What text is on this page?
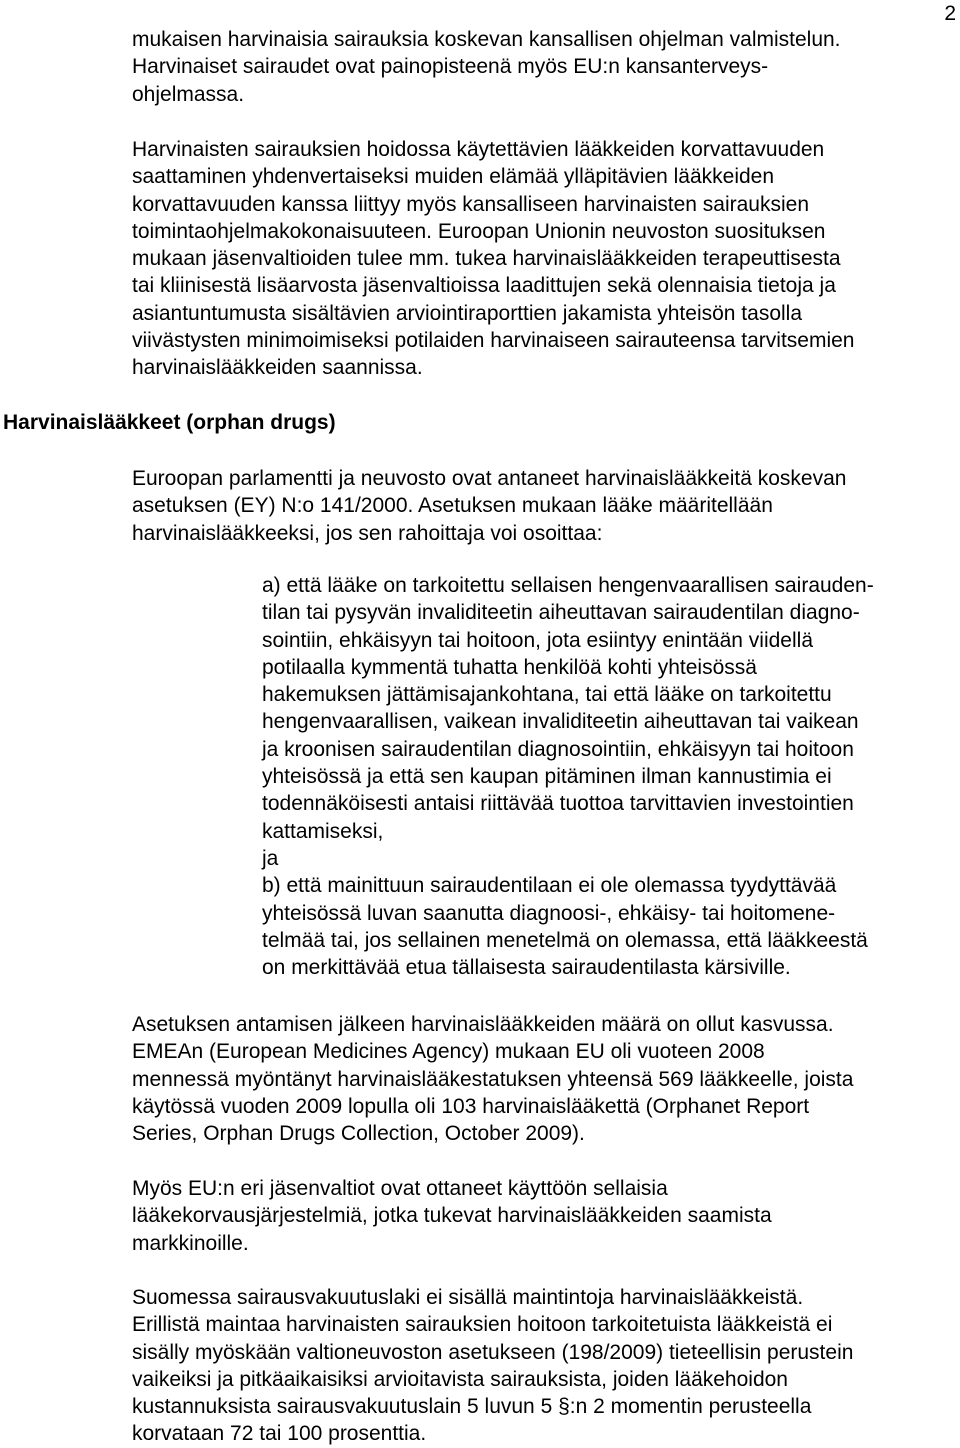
2
mukaisen harvinaisia sairauksia koskevan kansallisen ohjelman valmistelun.
Harvinaiset sairaudet ovat painopisteenä myös EU:n kansanterveys-
ohjelmassa.
Harvinaisten sairauksien hoidossa käytettävien lääkkeiden korvattavuuden
saattaminen yhdenvertaiseksi muiden elämää ylläpitävien lääkkeiden
korvattavuuden kanssa liittyy myös kansalliseen harvinaisten sairauksien
toimintaohjelmakokonaisuuteen. Euroopan Unionin neuvoston suosituksen
mukaan jäsenvaltioiden tulee mm. tukea harvinaislääkkeiden terapeuttisesta
tai kliinisestä lisäarvosta jäsenvaltioissa laadittujen sekä olennaisia tietoja ja
asiantuntumusta sisältävien arviointiraporttien jakamista yhteisön tasolla
viivästysten minimoimiseksi potilaiden harvinaiseen sairauteensa tarvitsemien
harvinaislääkkeiden saannissa.
Harvinaislääkkeet (orphan drugs)
Euroopan parlamentti ja neuvosto ovat antaneet harvinaislääkkeitä koskevan
asetuksen (EY) N:o 141/2000. Asetuksen mukaan lääke määritellään
harvinaislääkkeeksi, jos sen rahoittaja voi osoittaa:
a) että lääke on tarkoitettu sellaisen hengenvaarallisen sairauden-
tilan tai pysyvän invaliditeetin aiheuttavan sairaudentilan diagno-
sointiin, ehkäisyyn tai hoitoon, jota esiintyy enintään viidellä
potilaalla kymmentä tuhatta henkilöä kohti yhteisössä
hakemuksen jättämisajankohtana, tai että lääke on tarkoitettu
hengenvaarallisen, vaikean invaliditeetin aiheuttavan tai vaikean
ja kroonisen sairaudentilan diagnosointiin, ehkäisyyn tai hoitoon
yhteisössä ja että sen kaupan pitäminen ilman kannustimia ei
todennäköisesti antaisi riittävää tuottoa tarvittavien investointien
kattamiseksi,
ja
b) että mainittuun sairaudentilaan ei ole olemassa tyydyttävää
yhteisössä luvan saanutta diagnoosi-, ehkäisy- tai hoitomene-
telmää tai, jos sellainen menetelmä on olemassa, että lääkkeestä
on merkittävää etua tällaisesta sairaudentilasta kärsiville.
Asetuksen antamisen jälkeen harvinaislääkkeiden määrä on ollut kasvussa.
EMEAn (European Medicines Agency) mukaan EU oli vuoteen 2008
mennessä myöntänyt harvinaislääkestatuksen yhteensä 569 lääkkeelle, joista
käytössä vuoden 2009 lopulla oli 103 harvinaislääkettä (Orphanet Report
Series, Orphan Drugs Collection, October 2009).
Myös EU:n eri jäsenvaltiot ovat ottaneet käyttöön sellaisia
lääkekorvausjärjestelmiä, jotka tukevat harvinaislääkkeiden saamista
markkinoille.
Suomessa sairausvakuutuslaki ei sisällä maintintoja harvinaislääkkeistä.
Erillistä maintaa harvinaisten sairauksien hoitoon tarkoitetuista lääkkeistä ei
sisälly myöskään valtioneuvoston asetukseen (198/2009) tieteellisin perustein
vaikeiksi ja pitkäaikaisiksi arvioitavista sairauksista, joiden lääkehoidon
kustannuksista sairausvakuutuslain 5 luvun 5 §:n 2 momentin perusteella
korvataan 72 tai 100 prosenttia.
